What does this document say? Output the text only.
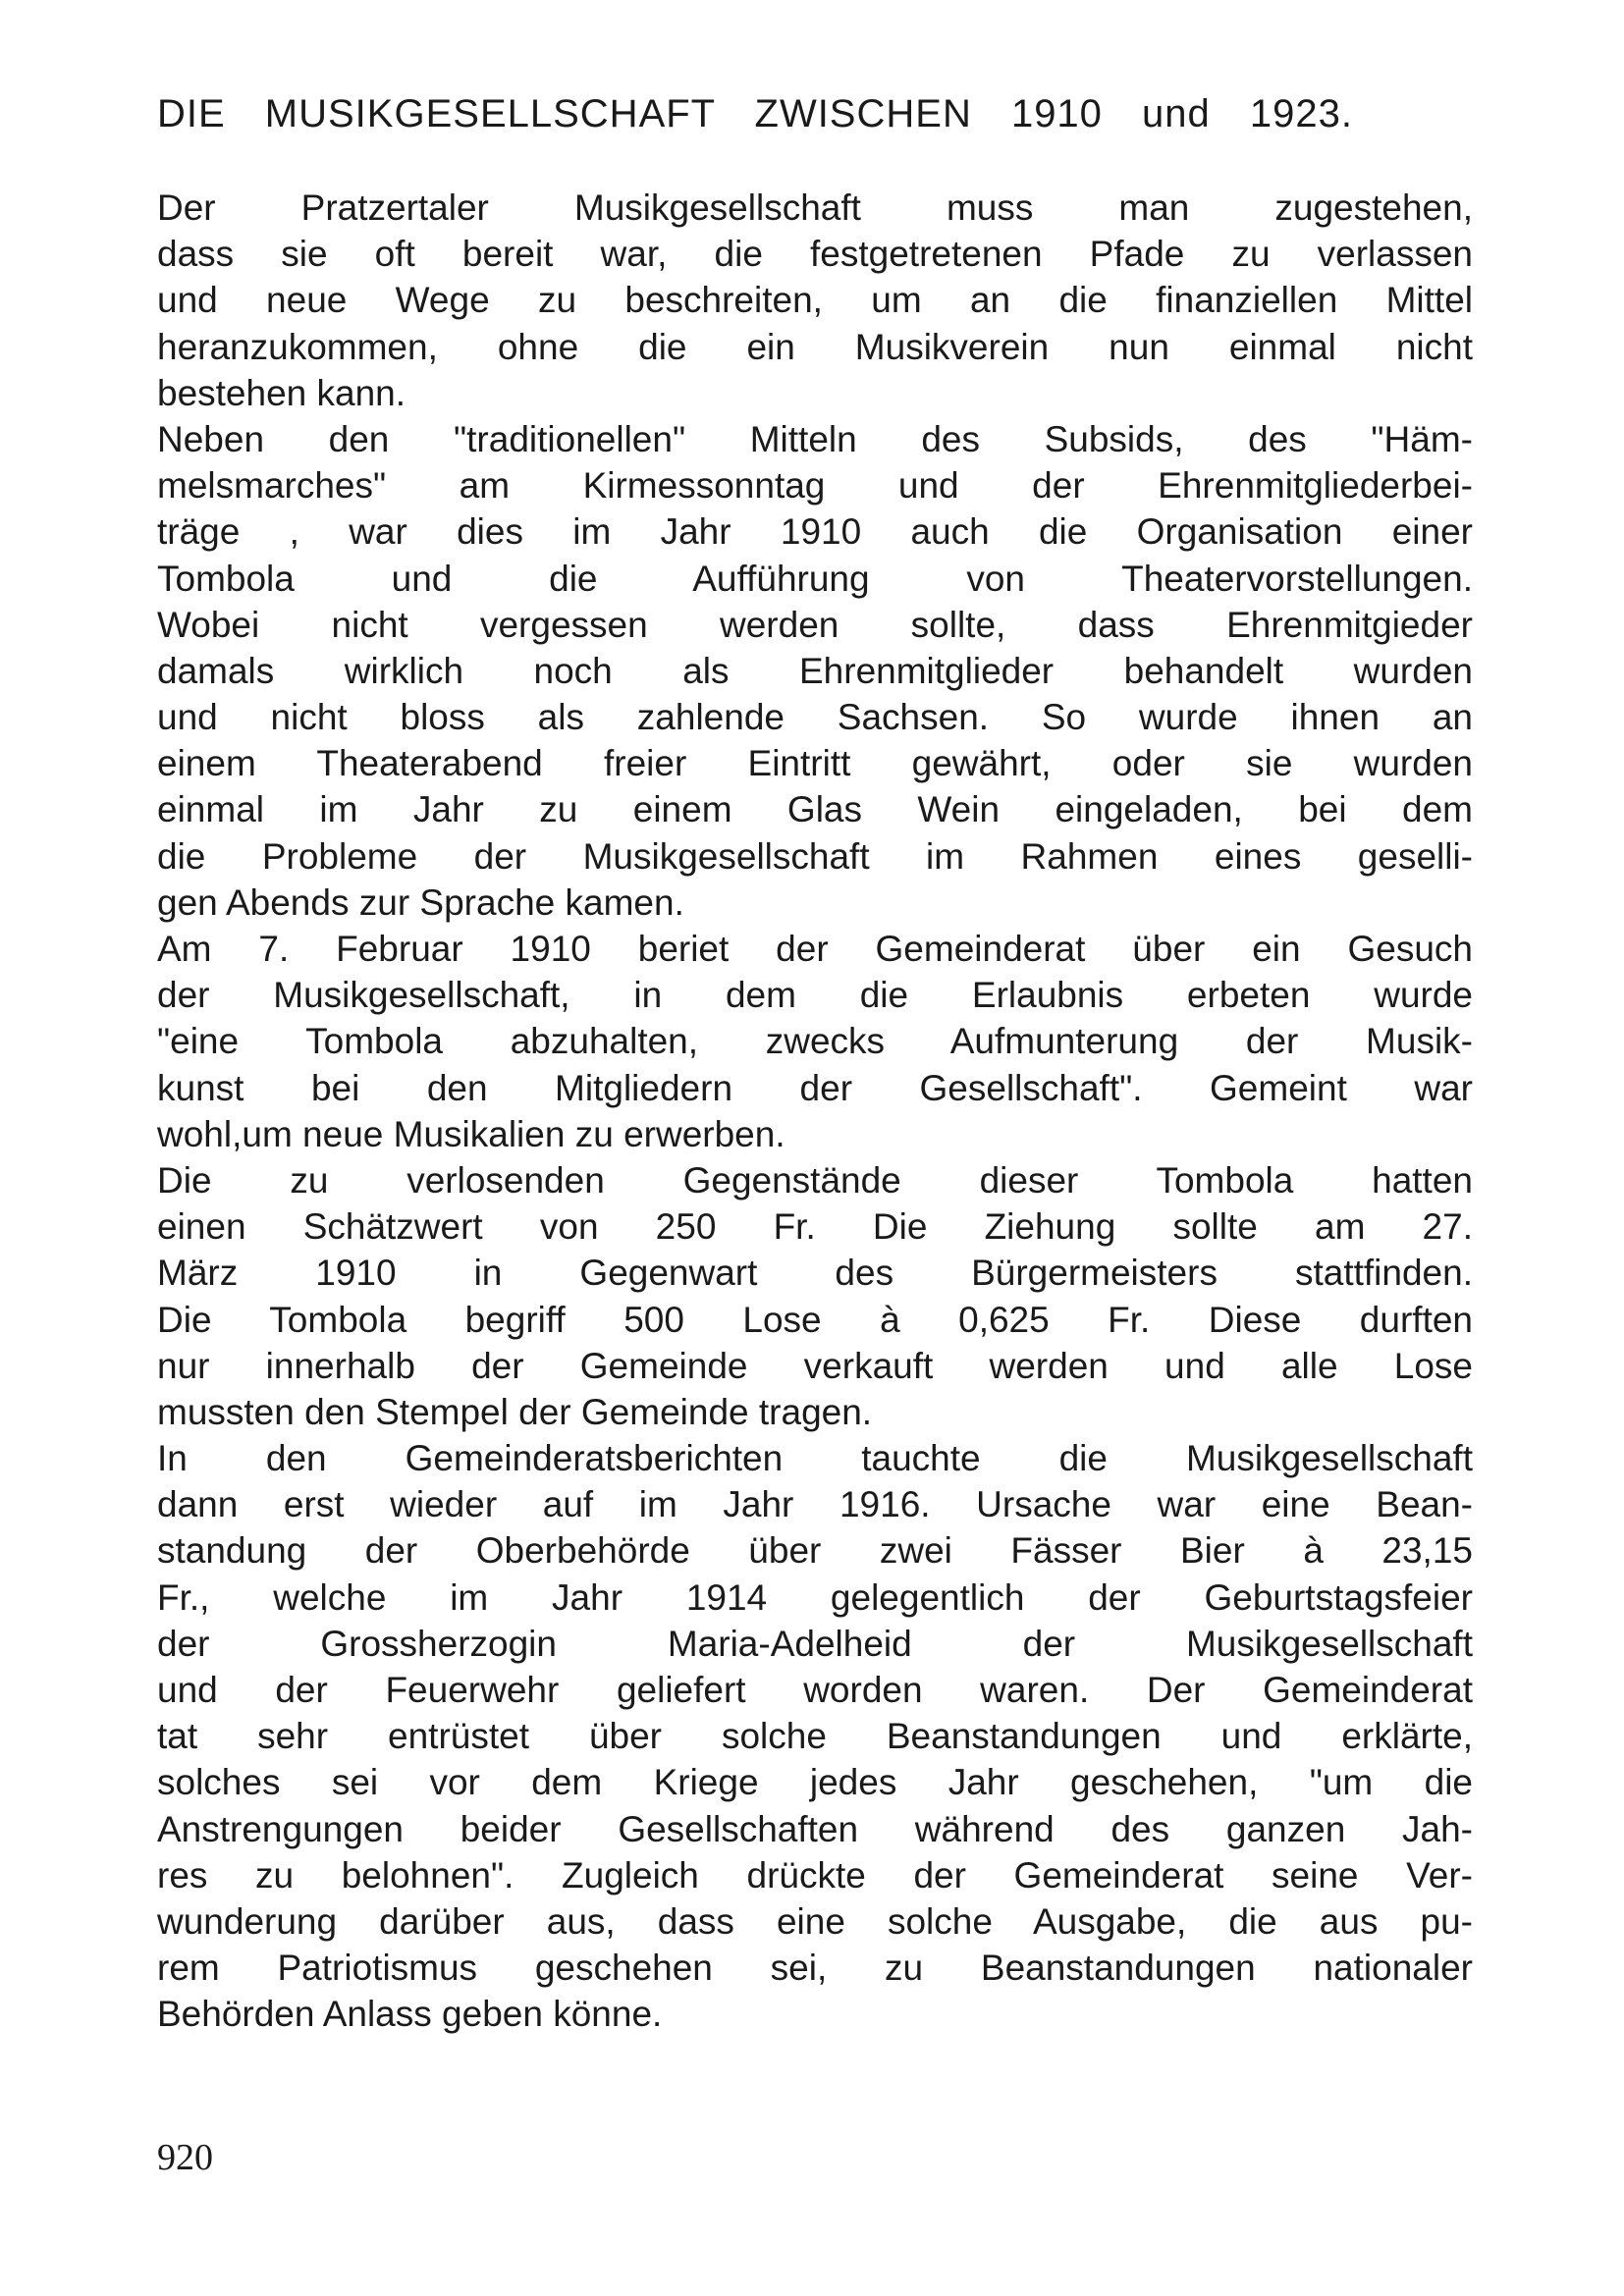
DIE MUSIKGESELLSCHAFT ZWISCHEN 1910 und 1923.
Der Pratzertaler Musikgesellschaft muss man zugestehen,
dass sie oft bereit war, die festgetretenen Pfade zu verlassen
und neue Wege zu beschreiten, um an die finanziellen Mittel
heranzukommen, ohne die ein Musikverein nun einmal nicht
bestehen kann.
Neben den "traditionellen" Mitteln des Subsids, des "Häm-
melsmarches" am Kirmessonntag und der Ehrenmitgliederbei-
träge , war dies im Jahr 1910 auch die Organisation einer
Tombola und die Aufführung von Theatervorstellungen.
Wobei nicht vergessen werden sollte, dass Ehrenmitgieder
damals wirklich noch als Ehrenmitglieder behandelt wurden
und nicht bloss als zahlende Sachsen. So wurde ihnen an
einem Theaterabend freier Eintritt gewährt, oder sie wurden
einmal im Jahr zu einem Glas Wein eingeladen, bei dem
die Probleme der Musikgesellschaft im Rahmen eines geselli-
gen Abends zur Sprache kamen.
Am 7. Februar 1910 beriet der Gemeinderat über ein Gesuch
der Musikgesellschaft, in dem die Erlaubnis erbeten wurde
"eine Tombola abzuhalten, zwecks Aufmunterung der Musik-
kunst bei den Mitgliedern der Gesellschaft". Gemeint war
wohl,um neue Musikalien zu erwerben.
Die zu verlosenden Gegenstände dieser Tombola hatten
einen Schätzwert von 250 Fr. Die Ziehung sollte am 27.
März 1910 in Gegenwart des Bürgermeisters stattfinden.
Die Tombola begriff 500 Lose à 0,625 Fr. Diese durften
nur innerhalb der Gemeinde verkauft werden und alle Lose
mussten den Stempel der Gemeinde tragen.
In den Gemeinderatsberichten tauchte die Musikgesellschaft
dann erst wieder auf im Jahr 1916. Ursache war eine Bean-
standung der Oberbehörde über zwei Fässer Bier à 23,15
Fr., welche im Jahr 1914 gelegentlich der Geburtstagsfeier
der Grossherzogin Maria-Adelheid der Musikgesellschaft
und der Feuerwehr geliefert worden waren. Der Gemeinderat
tat sehr entrüstet über solche Beanstandungen und erklärte,
solches sei vor dem Kriege jedes Jahr geschehen, "um die
Anstrengungen beider Gesellschaften während des ganzen Jah-
res zu belohnen". Zugleich drückte der Gemeinderat seine Ver-
wunderung darüber aus, dass eine solche Ausgabe, die aus pu-
rem Patriotismus geschehen sei, zu Beanstandungen nationaler
Behörden Anlass geben könne.
920
